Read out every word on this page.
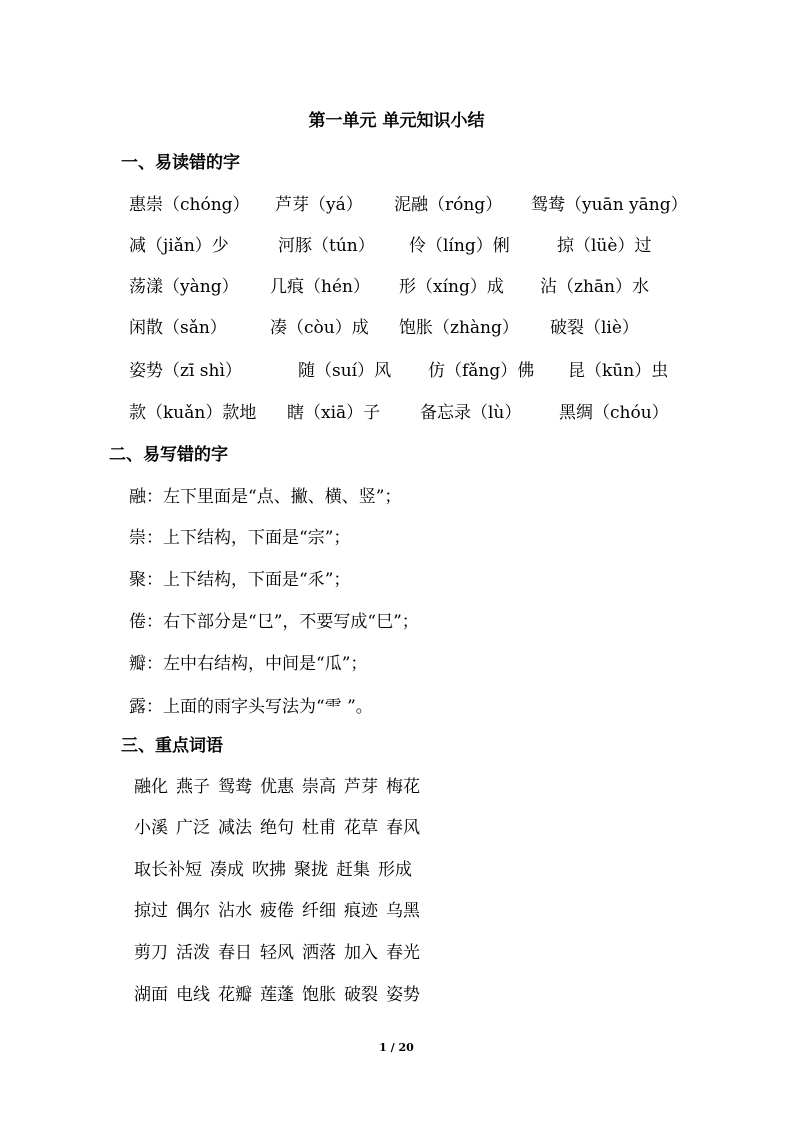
第一单元 单元知识小结
一、易读错的字
惠崇（chóng） 芦芽（yá） 泥融（róng） 鸳鸯（yuān yāng）
减（jiǎn）少	河豚（tún） 伶（líng）俐	掠（lüè）过
荡漾（yàng） 几痕（hén） 形（xíng）成 沾（zhān）水
闲散（sǎn）	凑（còu）成 饱胀（zhàng） 破裂（liè）
姿势（zī shì）	随（suí）风 仿（fǎng）佛 昆（kūn）虫
款（kuǎn）款地 瞎（xiā）子 备忘录（lù） 黑绸（chóu）
二、易写错的字
融：左下里面是“点、撇、横、竖”；
崇：上下结构，下面是“宗”；
聚：上下结构，下面是“乑”；
倦：右下部分是“㔾”，不要写成“巳”；
瓣：左中右结构，中间是“瓜”；
露：上面的雨字头写法为“⻗ ”。
三、重点词语
融化 燕子 鸳鸯 优惠 崇高 芦芽 梅花
小溪 广泛 减法 绝句 杜甫 花草 春风
取长补短 凑成 吹拂 聚拢 赶集 形成
掠过 偶尔 沾水 疲倦 纤细 痕迹 乌黑
剪刀 活泼 春日 轻风 洒落 加入 春光
湖面 电线 花瓣 莲蓬 饱胀 破裂 姿势
1 / 20
